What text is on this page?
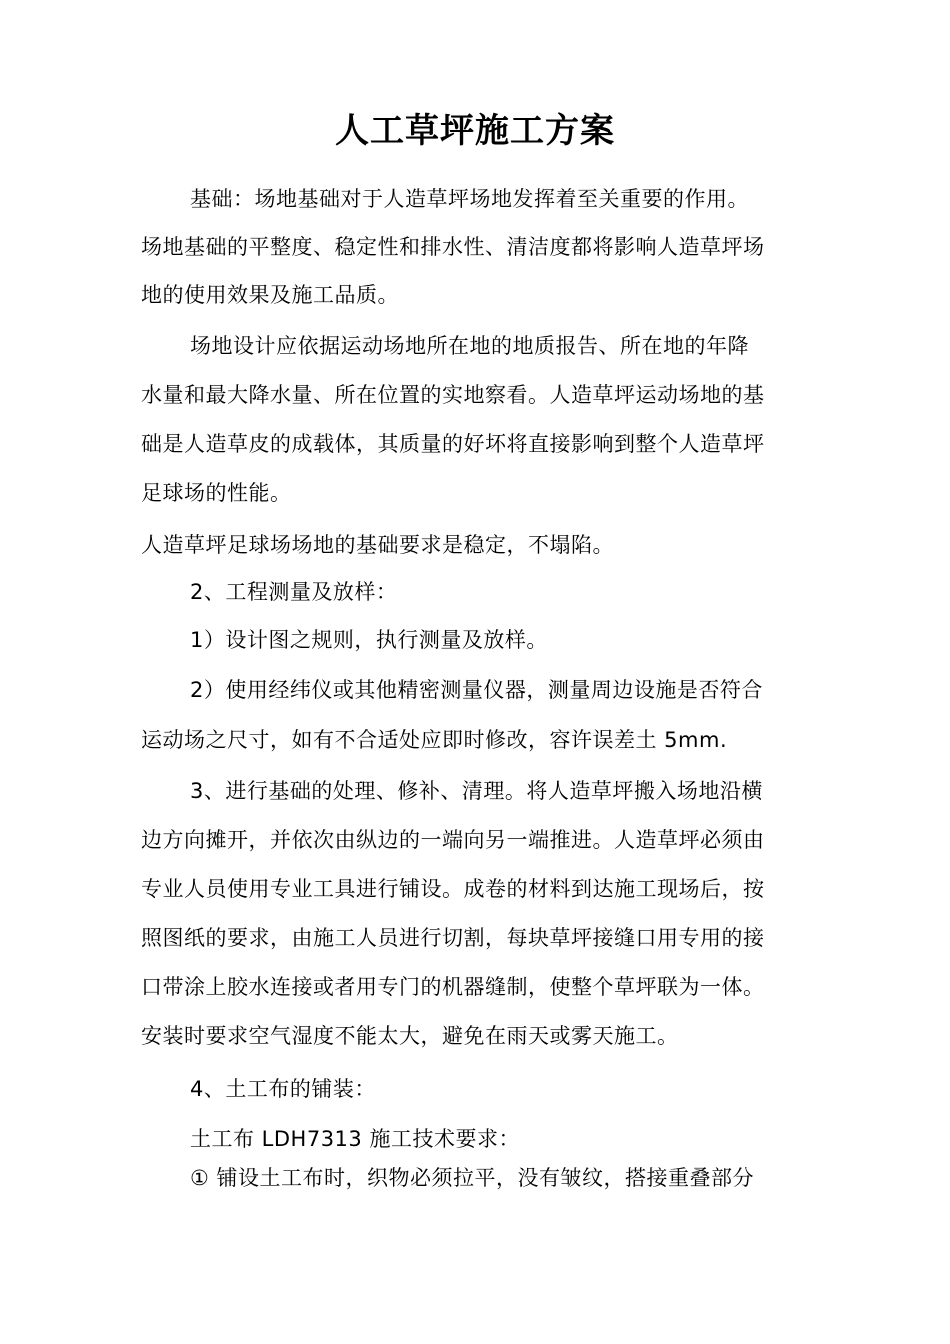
人工草坪施工方案
基础：场地基础对于人造草坪场地发挥着至关重要的作用。
场地基础的平整度、稳定性和排水性、清洁度都将影响人造草坪场
地的使用效果及施工品质。
场地设计应依据运动场地所在地的地质报告、所在地的年降
水量和最大降水量、所在位置的实地察看。人造草坪运动场地的基
础是人造草皮的成载体，其质量的好坏将直接影响到整个人造草坪
足球场的性能。
人造草坪足球场场地的基础要求是稳定，不塌陷。
2、工程测量及放样：
1）设计图之规则，执行测量及放样。
2）使用经纬仪或其他精密测量仪器，测量周边设施是否符合
运动场之尺寸，如有不合适处应即时修改，容许误差土 5mm.
3、进行基础的处理、修补、清理。将人造草坪搬入场地沿横
边方向摊开，并依次由纵边的一端向另一端推进。人造草坪必须由
专业人员使用专业工具进行铺设。成卷的材料到达施工现场后，按
照图纸的要求，由施工人员进行切割，每块草坪接缝口用专用的接
口带涂上胶水连接或者用专门的机器缝制，使整个草坪联为一体。
安装时要求空气湿度不能太大，避免在雨天或雾天施工。
4、土工布的铺装：
土工布 LDH7313 施工技术要求：
① 铺设土工布时，织物必须拉平，没有皱纹，搭接重叠部分
